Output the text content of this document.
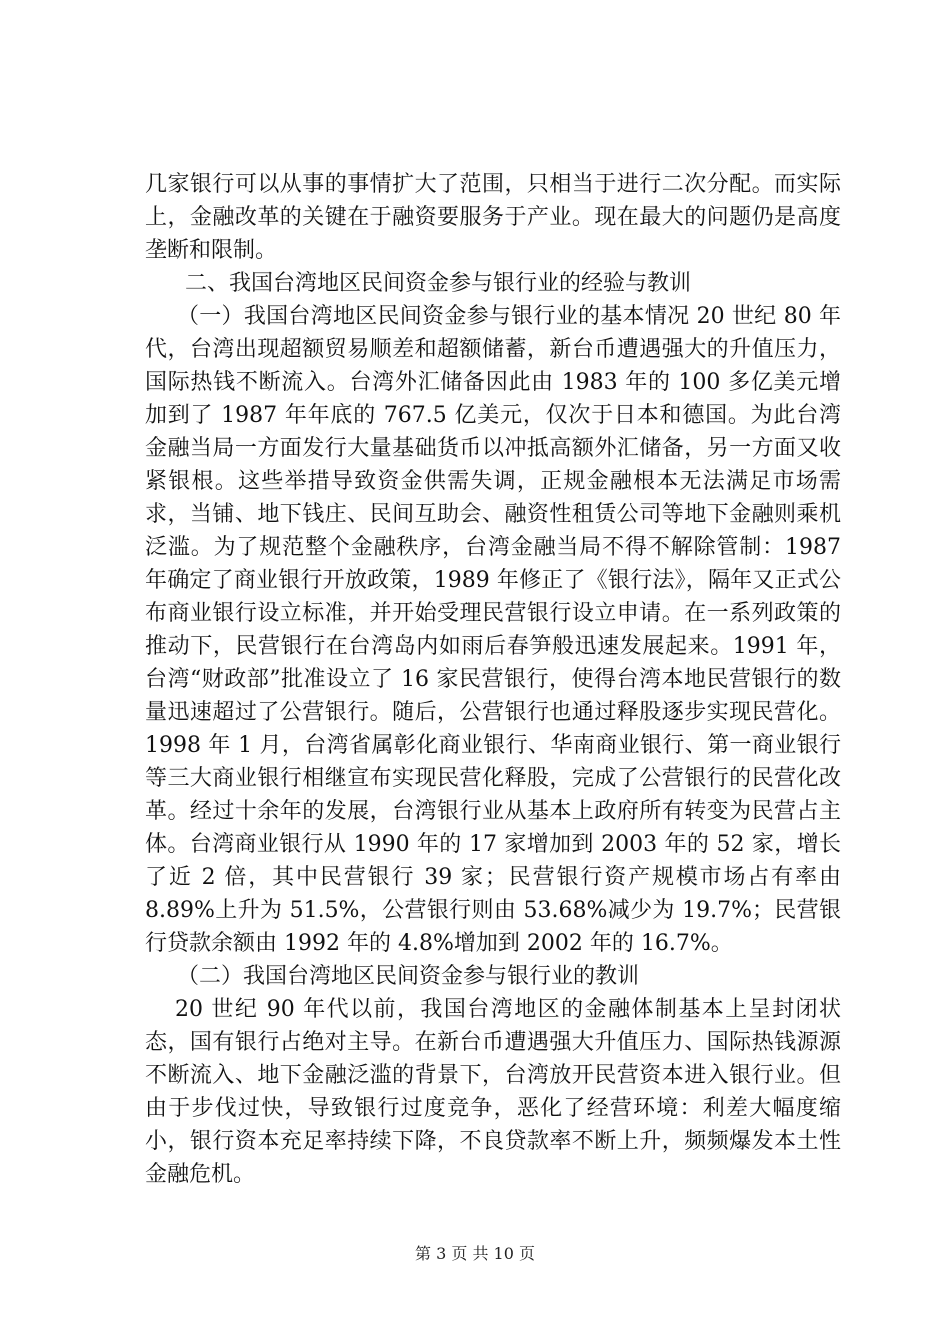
几家银行可以从事的事情扩大了范围，只相当于进行二次分配。而实际上，金融改革的关键在于融资要服务于产业。现在最大的问题仍是高度垄断和限制。

二、我国台湾地区民间资金参与银行业的经验与教训

（一）我国台湾地区民间资金参与银行业的基本情况 20 世纪 80 年代，台湾出现超额贸易顺差和超额储蓄，新台币遭遇强大的升值压力，国际热钱不断流入。台湾外汇储备因此由 1983 年的 100 多亿美元增加到了 1987 年年底的 767.5 亿美元，仅次于日本和德国。为此台湾金融当局一方面发行大量基础货币以冲抵高额外汇储备，另一方面又收紧银根。这些举措导致资金供需失调，正规金融根本无法满足市场需求，当铺、地下钱庄、民间互助会、融资性租赁公司等地下金融则乘机泛滥。为了规范整个金融秩序，台湾金融当局不得不解除管制：1987 年确定了商业银行开放政策，1989 年修正了《银行法》，隔年又正式公布商业银行设立标准，并开始受理民营银行设立申请。在一系列政策的推动下，民营银行在台湾岛内如雨后春笋般迅速发展起来。1991 年，台湾“财政部”批准设立了 16 家民营银行，使得台湾本地民营银行的数量迅速超过了公营银行。随后，公营银行也通过释股逐步实现民营化。1998 年 1 月，台湾省属彰化商业银行、华南商业银行、第一商业银行等三大商业银行相继宣布实现民营化释股，完成了公营银行的民营化改革。经过十余年的发展，台湾银行业从基本上政府所有转变为民营占主体。台湾商业银行从 1990 年的 17 家增加到 2003 年的 52 家，增长了近 2 倍，其中民营银行 39 家；民营银行资产规模市场占有率由 8.89%上升为 51.5%，公营银行则由 53.68%减少为 19.7%；民营银行贷款余额由 1992 年的 4.8%增加到 2002 年的 16.7%。

（二）我国台湾地区民间资金参与银行业的教训

20 世纪 90 年代以前，我国台湾地区的金融体制基本上呈封闭状态，国有银行占绝对主导。在新台币遭遇强大升值压力、国际热钱源源不断流入、地下金融泛滥的背景下，台湾放开民营资本进入银行业。但由于步伐过快，导致银行过度竞争，恶化了经营环境：利差大幅度缩小，银行资本充足率持续下降，不良贷款率不断上升，频频爆发本土性金融危机。

第 3 页 共 10 页
